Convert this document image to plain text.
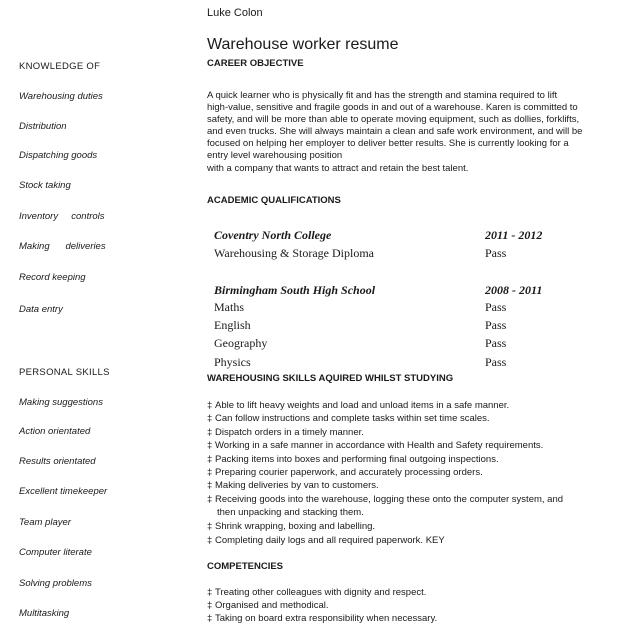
Luke Colon
Warehouse worker resume
KNOWLEDGE OF
Warehousing duties
Distribution
Dispatching goods
Stock taking
Inventory     controls
Making      deliveries
Record keeping
Data entry
PERSONAL SKILLS
Making suggestions
Action orientated
Results orientated
Excellent timekeeper
Team player
Computer literate
Solving problems
Multitasking
CAREER OBJECTIVE
A quick learner who is physically fit and has the strength and stamina required to lift
high-value, sensitive and fragile goods in and out of a warehouse. Karen is committed to
safety, and will be more than able to operate moving equipment, such as dollies, forklifts,
and even trucks. She will always maintain a clean and safe work environment, and will be
focused on helping her employer to deliver better results. She is currently looking for a
entry level warehousing position
with a company that wants to attract and retain the best talent.
ACADEMIC QUALIFICATIONS
Coventry North College	2011 - 2012
Warehousing & Storage Diploma	Pass
Birmingham South High School	2008 - 2011
Maths	Pass
English	Pass
Geography	Pass
Physics	Pass
WAREHOUSING SKILLS AQUIRED WHILST STUDYING
‡ Able to lift heavy weights and load and unload items in a safe manner.
‡ Can follow instructions and complete tasks within set time scales.
‡ Dispatch orders in a timely manner.
‡ Working in a safe manner in accordance with Health and Safety requirements.
‡ Packing items into boxes and performing final outgoing inspections.
‡ Preparing courier paperwork, and accurately processing orders.
‡ Making deliveries by van to customers.
‡ Receiving goods into the warehouse, logging these onto the computer system, and
then unpacking and stacking them.
‡ Shrink wrapping, boxing and labelling.
‡ Completing daily logs and all required paperwork. KEY
COMPETENCIES
‡ Treating other colleagues with dignity and respect.
‡ Organised and methodical.
‡ Taking on board extra responsibility when necessary.
